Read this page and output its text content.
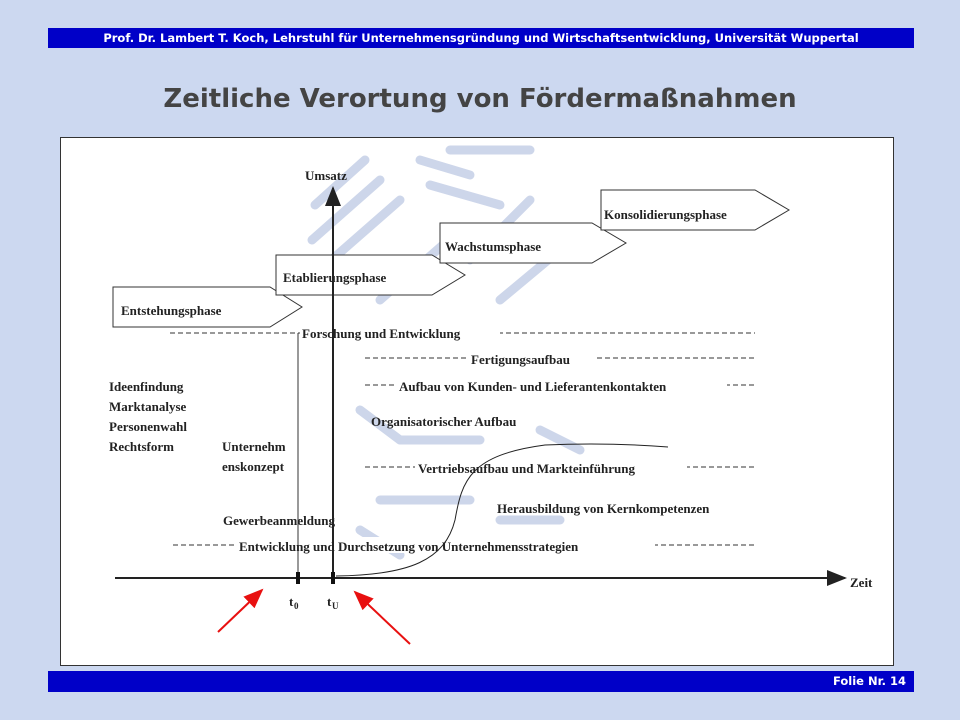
Prof. Dr. Lambert T. Koch, Lehrstuhl für Unternehmensgründung und Wirtschaftsentwicklung, Universität Wuppertal
Zeitliche Verortung von Fördermaßnahmen
Entstehungsphase
Etablierungsphase
Wachstumsphase
Konsolidierungsphase
Umsatz
Zeit
t 0 t U
Forschung und Entwicklung
Fertigungsaufbau
Aufbau von Kunden- und Lieferantenkontakten
Organisatorischer Aufbau
Vertriebsaufbau und Markteinführung
Herausbildung von Kernkompetenzen
Entwicklung und Durchsetzung von Unternehmensstrategien
Ideenfindung
Marktanalyse
Personenwahl
Rechtsform	Unternehm
enskonzept
Gewerbeanmeldung
Folie Nr. 14
